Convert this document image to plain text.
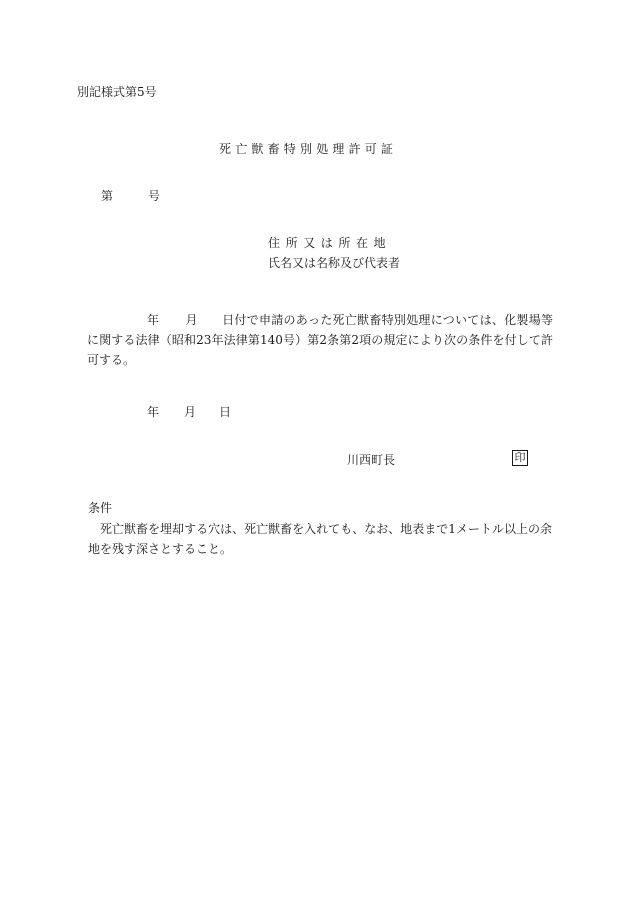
別記様式第5号
死亡獣畜特別処理許可証
第	号
住所又は所在地
氏名又は名称及び代表者
年 月 日付で申請のあった死亡獣畜特別処理については、化製場等に関する法律（昭和23年法律第140号）第2条第2項の規定により次の条件を付して許可する。
年 月 日
川西町長	印
条件
死亡獣畜を埋却する穴は、死亡獣畜を入れても、なお、地表まで1メートル以上の余地を残す深さとすること。
